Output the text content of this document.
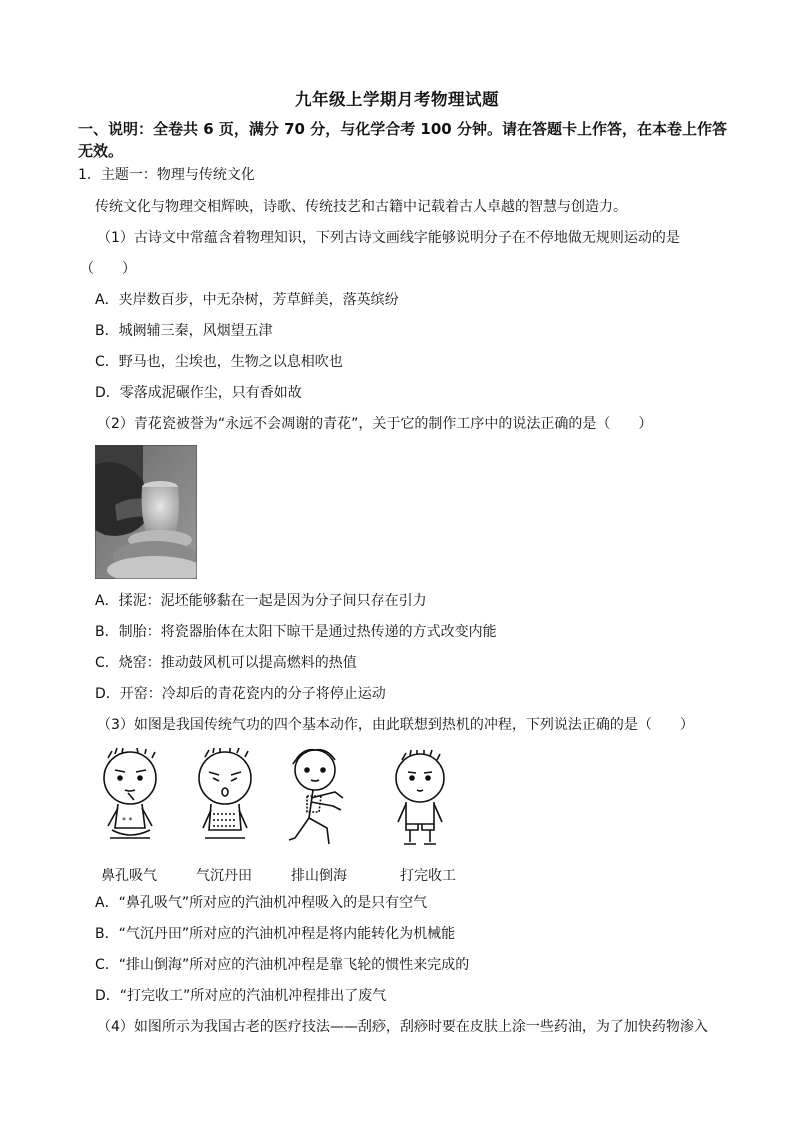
九年级上学期月考物理试题
一、说明：全卷共 6 页，满分 70 分，与化学合考 100 分钟。请在答题卡上作答，在本卷上作答
无效。
1．主题一：物理与传统文化
传统文化与物理交相辉映，诗歌、传统技艺和古籍中记载着古人卓越的智慧与创造力。
（1）古诗文中常蕴含着物理知识，下列古诗文画线字能够说明分子在不停地做无规则运动的是
（　　）
A．夹岸数百步，中无杂树，芳草鲜美，落英缤纷
B．城阙辅三秦，风烟望五津
C．野马也，尘埃也，生物之以息相吹也
D．零落成泥碾作尘，只有香如故
（2）青花瓷被誉为“永远不会凋谢的青花”，关于它的制作工序中的说法正确的是（　　）
A．揉泥：泥坯能够黏在一起是因为分子间只存在引力
B．制胎：将瓷器胎体在太阳下晾干是通过热传递的方式改变内能
C．烧窑：推动鼓风机可以提高燃料的热值
D．开窑：冷却后的青花瓷内的分子将停止运动
（3）如图是我国传统气功的四个基本动作，由此联想到热机的冲程，下列说法正确的是（　　）
* *
鼻孔吸气	气沉丹田	排山倒海	打完收工
A．“鼻孔吸气”所对应的汽油机冲程吸入的是只有空气
B．“气沉丹田”所对应的汽油机冲程是将内能转化为机械能
C．“排山倒海”所对应的汽油机冲程是靠飞轮的惯性来完成的
D．“打完收工”所对应的汽油机冲程排出了废气
（4）如图所示为我国古老的医疗技法——刮痧，刮痧时要在皮肤上涂一些药油，为了加快药物渗入
